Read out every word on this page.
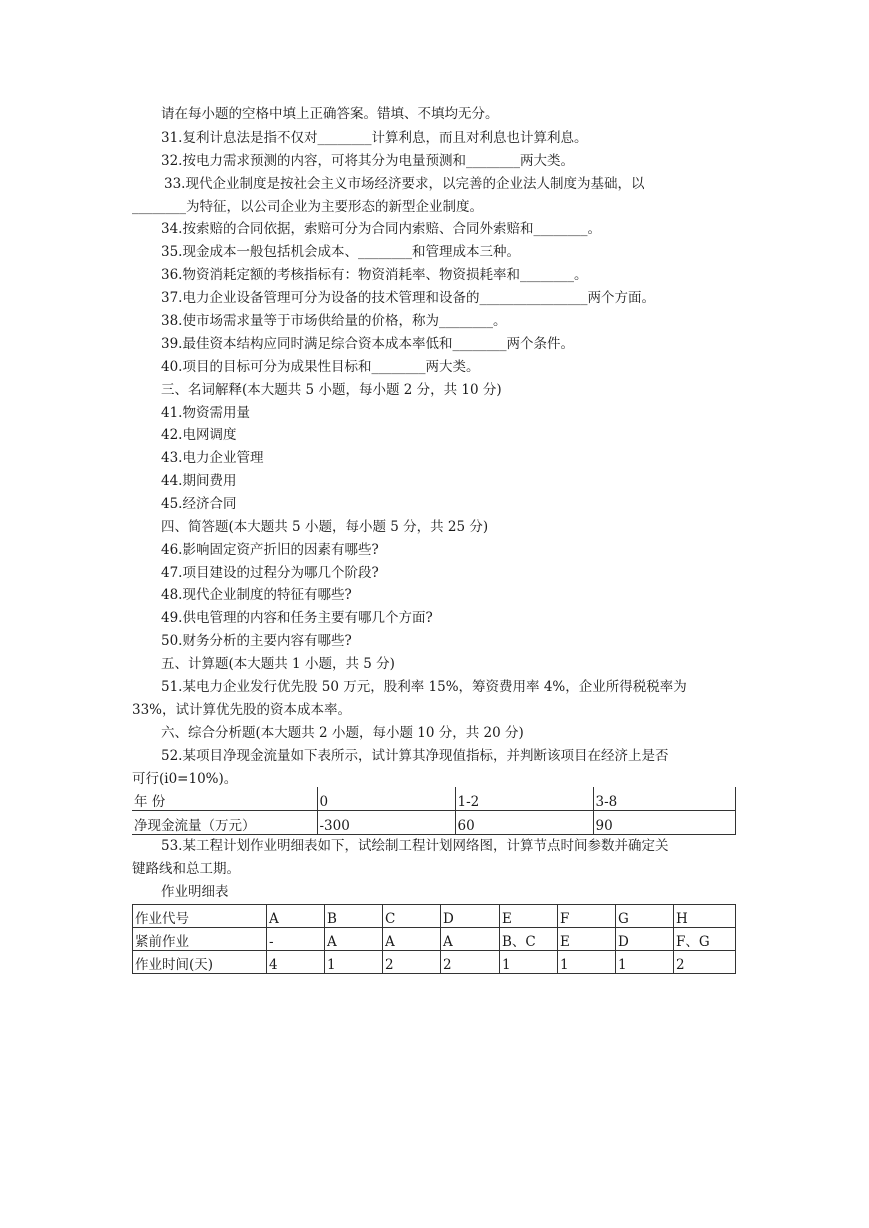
请在每小题的空格中填上正确答案。错填、不填均无分。
31.复利计息法是指不仅对________计算利息，而且对利息也计算利息。
32.按电力需求预测的内容，可将其分为电量预测和________两大类。
33.现代企业制度是按社会主义市场经济要求，以完善的企业法人制度为基础，以
________为特征，以公司企业为主要形态的新型企业制度。
34.按索赔的合同依据，索赔可分为合同内索赔、合同外索赔和________。
35.现金成本一般包括机会成本、________和管理成本三种。
36.物资消耗定额的考核指标有：物资消耗率、物资损耗率和________。
37.电力企业设备管理可分为设备的技术管理和设备的________________两个方面。
38.使市场需求量等于市场供给量的价格，称为________。
39.最佳资本结构应同时满足综合资本成本率低和________两个条件。
40.项目的目标可分为成果性目标和________两大类。
三、名词解释(本大题共 5 小题，每小题 2 分，共 10 分)
41.物资需用量
42.电网调度
43.电力企业管理
44.期间费用
45.经济合同
四、简答题(本大题共 5 小题，每小题 5 分，共 25 分)
46.影响固定资产折旧的因素有哪些?
47.项目建设的过程分为哪几个阶段?
48.现代企业制度的特征有哪些?
49.供电管理的内容和任务主要有哪几个方面?
50.财务分析的主要内容有哪些?
五、计算题(本大题共 1 小题，共 5 分)
51.某电力企业发行优先股 50 万元，股利率 15%，筹资费用率 4%，企业所得税税率为
33%，试计算优先股的资本成本率。
六、综合分析题(本大题共 2 小题，每小题 10 分，共 20 分)
52.某项目净现金流量如下表所示，试计算其净现值指标，并判断该项目在经济上是否
可行(i0=10%)。
年 份	0	1-2	3-8
净现金流量（万元）	-300	60	90
53.某工程计划作业明细表如下，试绘制工程计划网络图，计算节点时间参数并确定关
键路线和总工期。
作业明细表
作业代号	A	B	C	D	E	F	G	H
紧前作业	-	A	A	A	B、C	E	D	F、G
作业时间(天)	4	1	2	2	1	1	1	2
